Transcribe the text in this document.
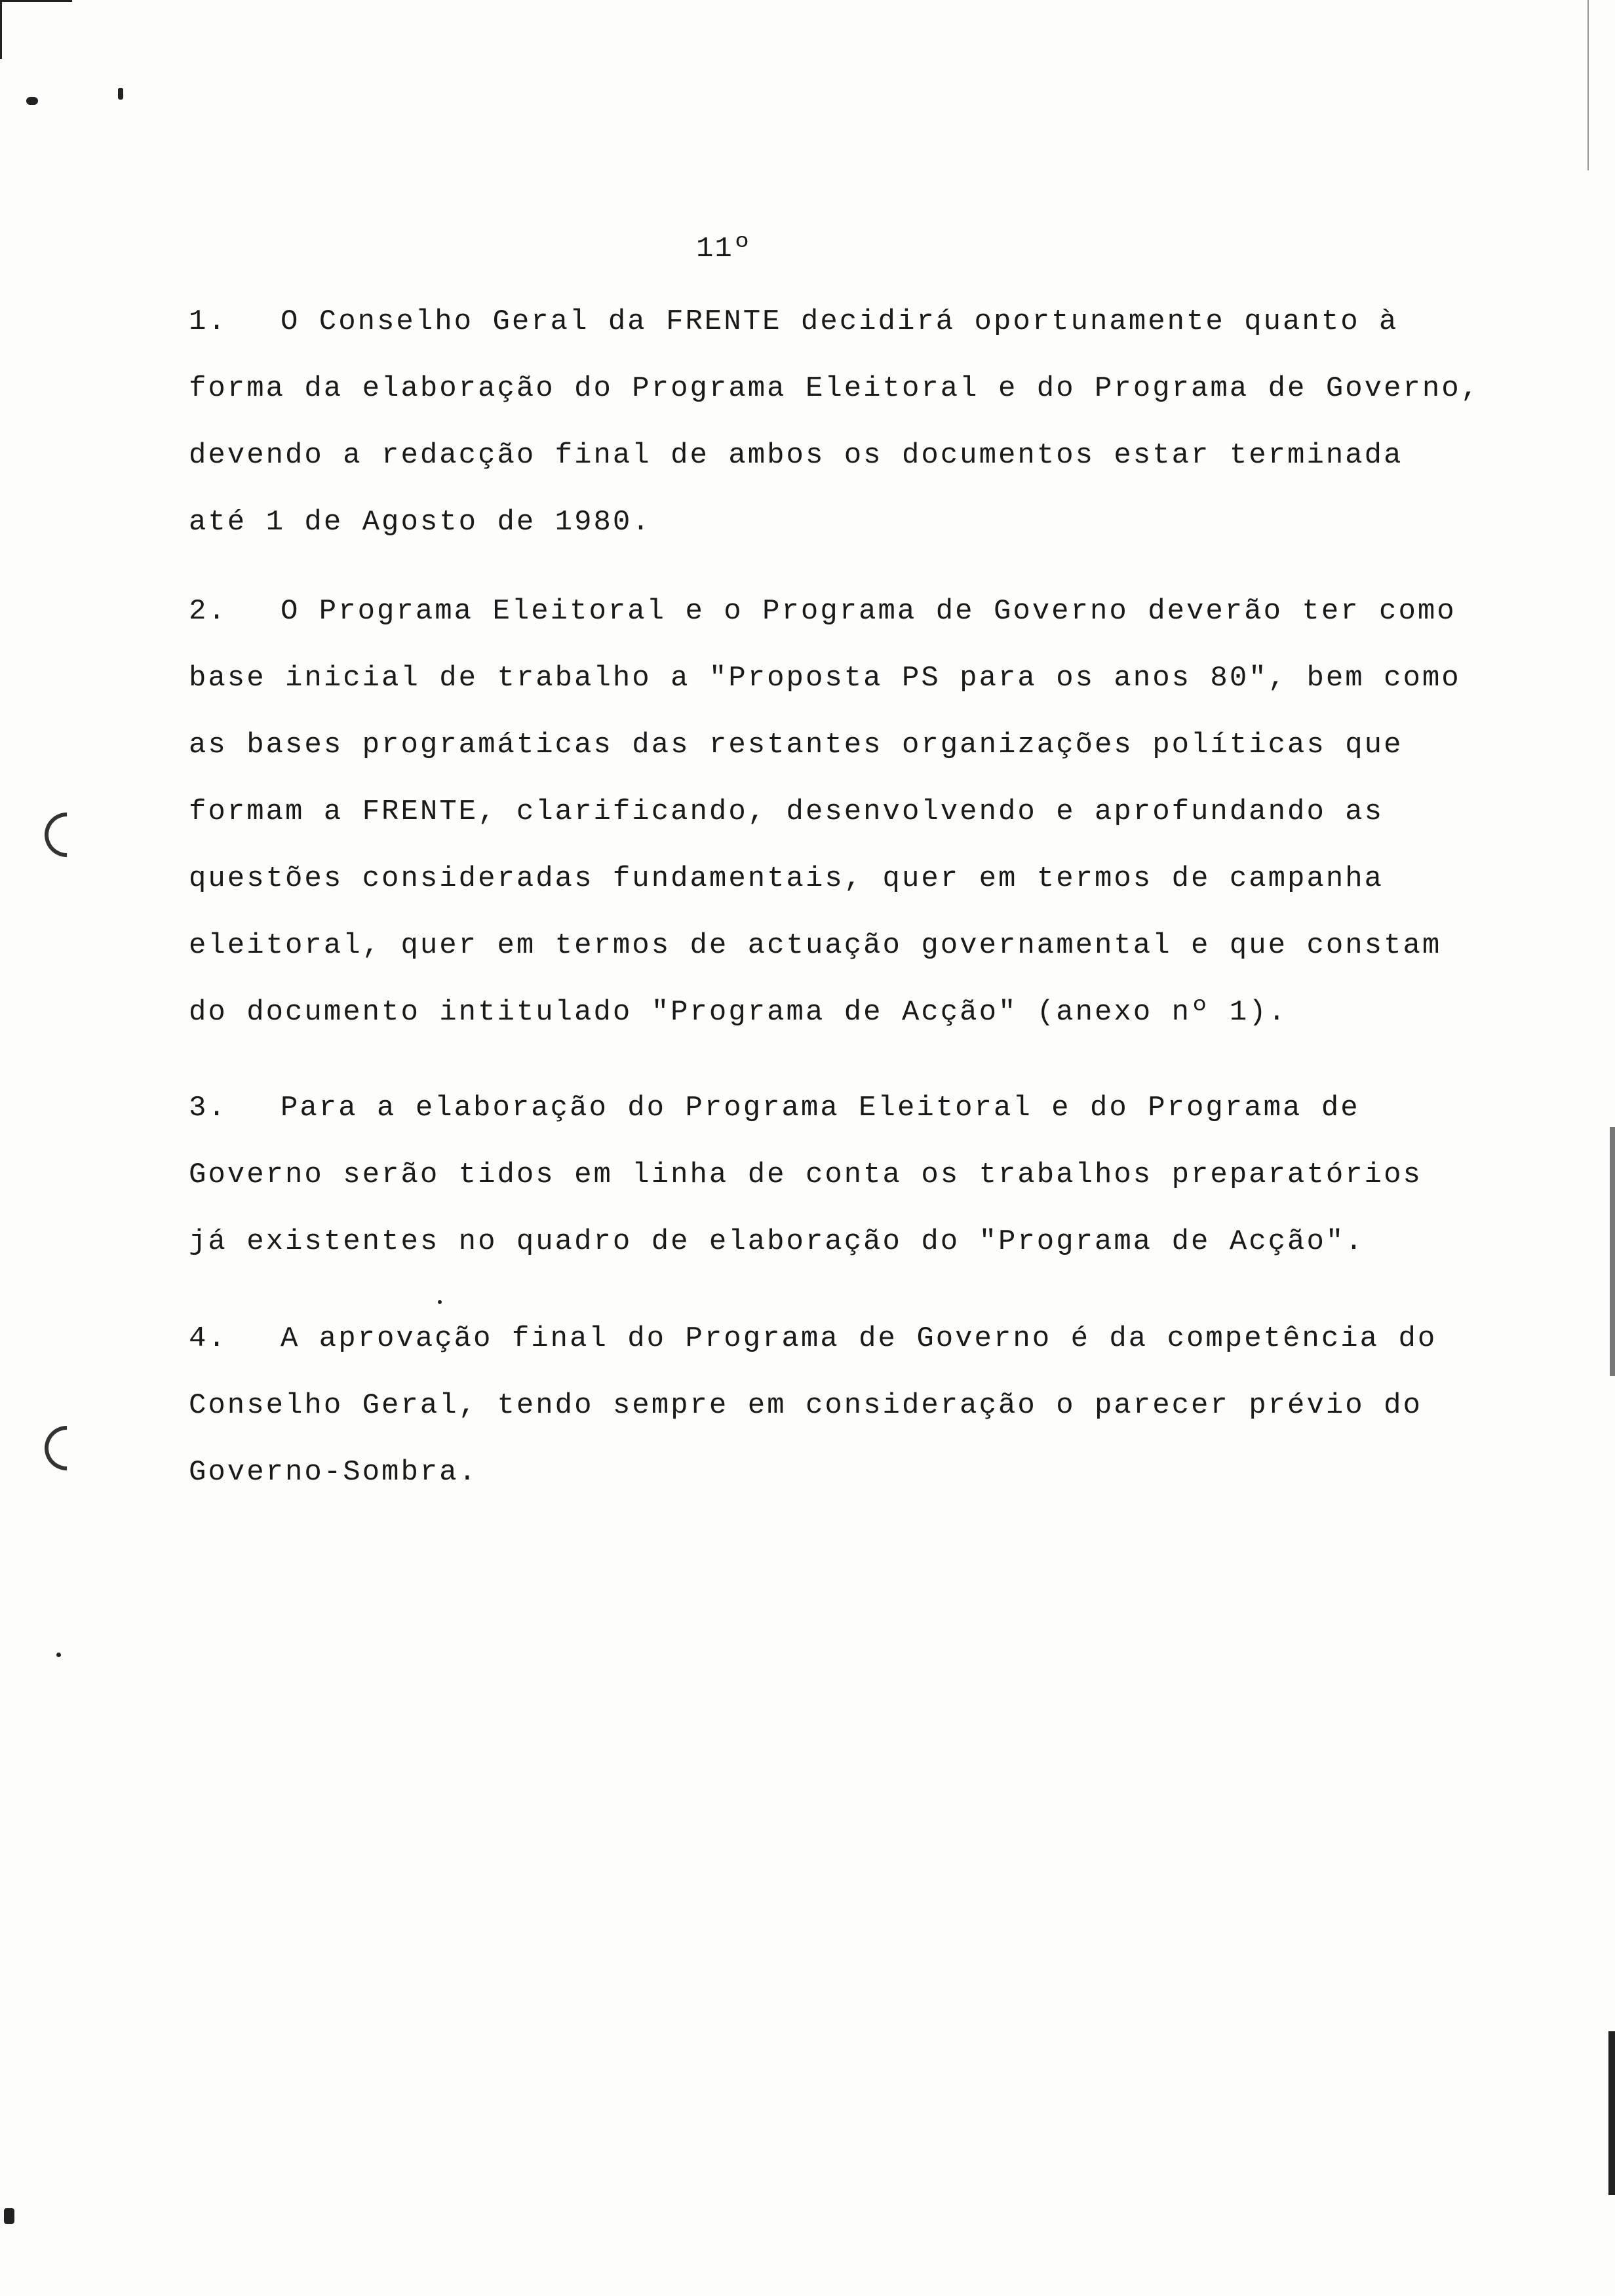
11º
1. O Conselho Geral da FRENTE decidirá oportunamente quanto à
forma da elaboração do Programa Eleitoral e do Programa de Governo,
devendo a redacção final de ambos os documentos estar terminada
até 1 de Agosto de 1980.
2. O Programa Eleitoral e o Programa de Governo deverão ter como
base inicial de trabalho a "Proposta PS para os anos 80", bem como
as bases programáticas das restantes organizações políticas que
formam a FRENTE, clarificando, desenvolvendo e aprofundando as
questões consideradas fundamentais, quer em termos de campanha
eleitoral, quer em termos de actuação governamental e que constam
do documento intitulado "Programa de Acção" (anexo nº 1).
3. Para a elaboração do Programa Eleitoral e do Programa de
Governo serão tidos em linha de conta os trabalhos preparatórios
já existentes no quadro de elaboração do "Programa de Acção".
4. A aprovação final do Programa de Governo é da competência do
Conselho Geral, tendo sempre em consideração o parecer prévio do
Governo-Sombra.
